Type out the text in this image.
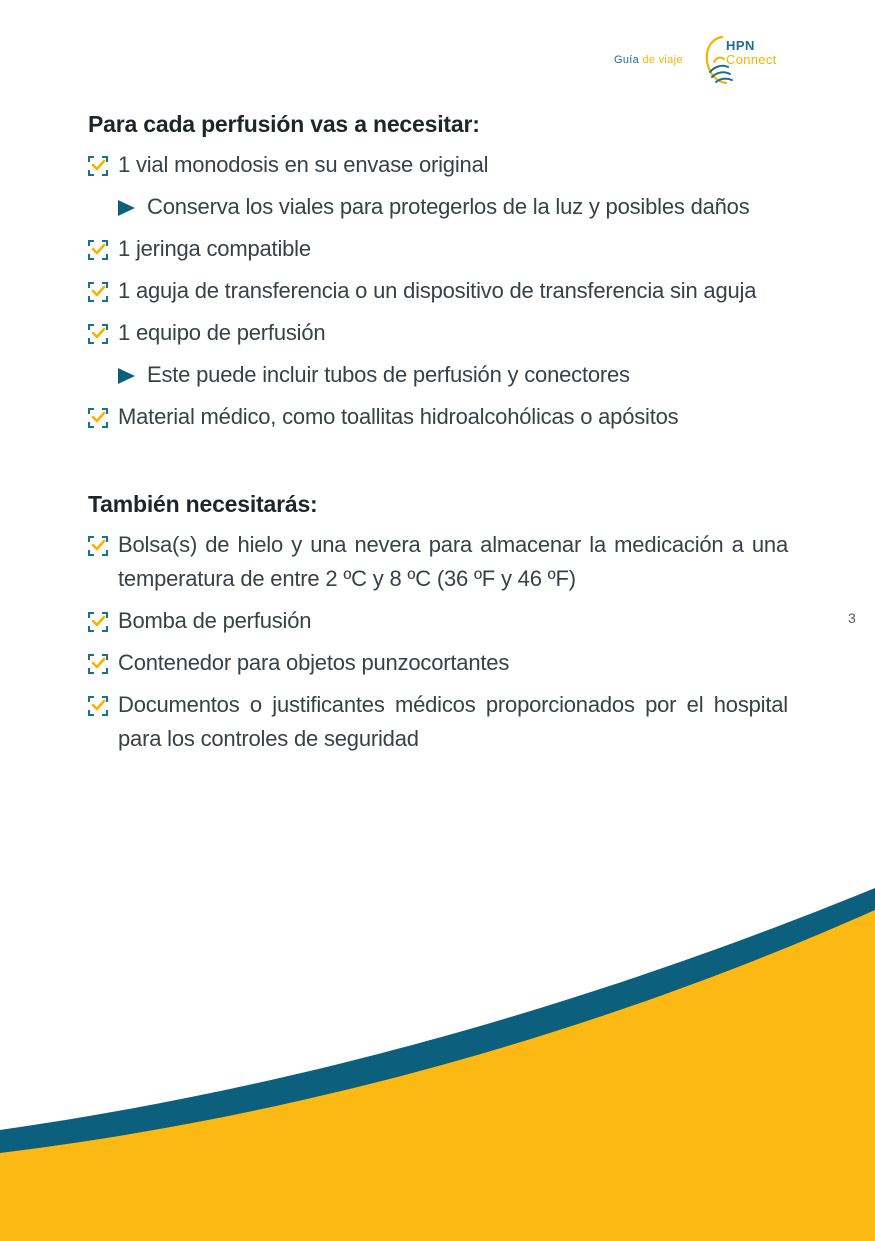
Guía de viaje
HPN
Connect
Para cada perfusión vas a necesitar:
1 vial monodosis en su envase original
Conserva los viales para protegerlos de la luz y posibles daños
1 jeringa compatible
1 aguja de transferencia o un dispositivo de transferencia sin aguja
1 equipo de perfusión
Este puede incluir tubos de perfusión y conectores
Material médico, como toallitas hidroalcohólicas o apósitos
También necesitarás:
Bolsa(s) de hielo y una nevera para almacenar la medicación a una temperatura de entre 2 ºC y 8 ºC (36 ºF y 46 ºF)
Bomba de perfusión
Contenedor para objetos punzocortantes
Documentos o justificantes médicos proporcionados por el hospital para los controles de seguridad
3
